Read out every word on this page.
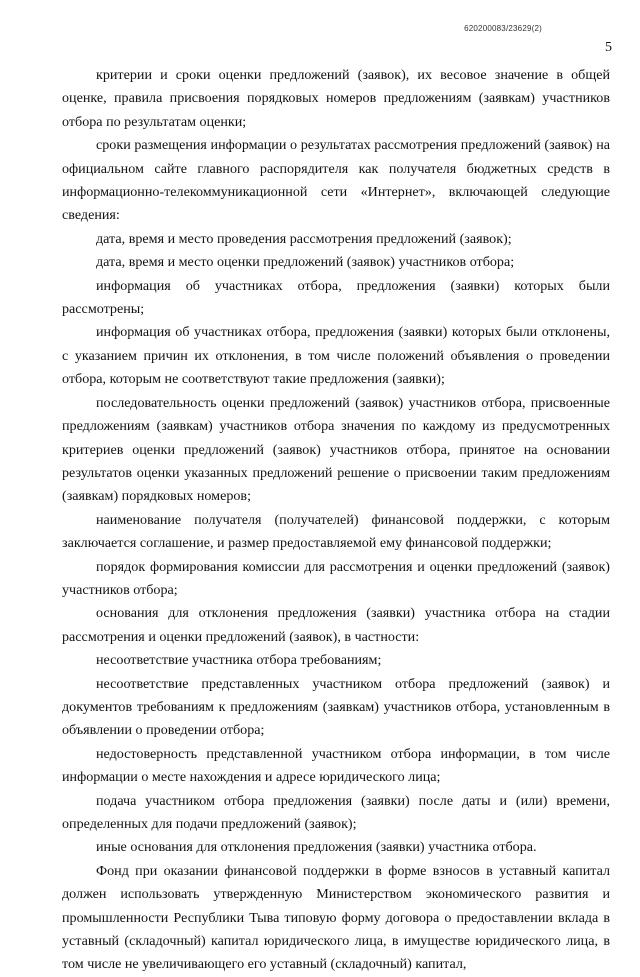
620200083/23629(2)
5

критерии и сроки оценки предложений (заявок), их весовое значение в общей оценке, правила присвоения порядковых номеров предложениям (заявкам) участников отбора по результатам оценки;

сроки размещения информации о результатах рассмотрения предложений (заявок) на официальном сайте главного распорядителя как получателя бюджетных средств в информационно-телекоммуникационной сети «Интернет», включающей следующие сведения:

дата, время и место проведения рассмотрения предложений (заявок);

дата, время и место оценки предложений (заявок) участников отбора;

информация об участниках отбора, предложения (заявки) которых были рассмотрены;

информация об участниках отбора, предложения (заявки) которых были отклонены, с указанием причин их отклонения, в том числе положений объявления о проведении отбора, которым не соответствуют такие предложения (заявки);

последовательность оценки предложений (заявок) участников отбора, присвоенные предложениям (заявкам) участников отбора значения по каждому из предусмотренных критериев оценки предложений (заявок) участников отбора, принятое на основании результатов оценки указанных предложений решение о присвоении таким предложениям (заявкам) порядковых номеров;

наименование получателя (получателей) финансовой поддержки, с которым заключается соглашение, и размер предоставляемой ему финансовой поддержки;

порядок формирования комиссии для рассмотрения и оценки предложений (заявок) участников отбора;

основания для отклонения предложения (заявки) участника отбора на стадии рассмотрения и оценки предложений (заявок), в частности:

несоответствие участника отбора требованиям;

несоответствие представленных участником отбора предложений (заявок) и документов требованиям к предложениям (заявкам) участников отбора, установленным в объявлении о проведении отбора;

недостоверность представленной участником отбора информации, в том числе информации о месте нахождения и адресе юридического лица;

подача участником отбора предложения (заявки) после даты и (или) времени, определенных для подачи предложений (заявок);

иные основания для отклонения предложения (заявки) участника отбора.

Фонд при оказании финансовой поддержки в форме взносов в уставный капитал должен использовать утвержденную Министерством экономического развития и промышленности Республики Тыва типовую форму договора о предоставлении вклада в уставный (складочный) капитал юридического лица, в имуществе юридического лица, в том числе не увеличивающего его уставный (складочный) капитал,
